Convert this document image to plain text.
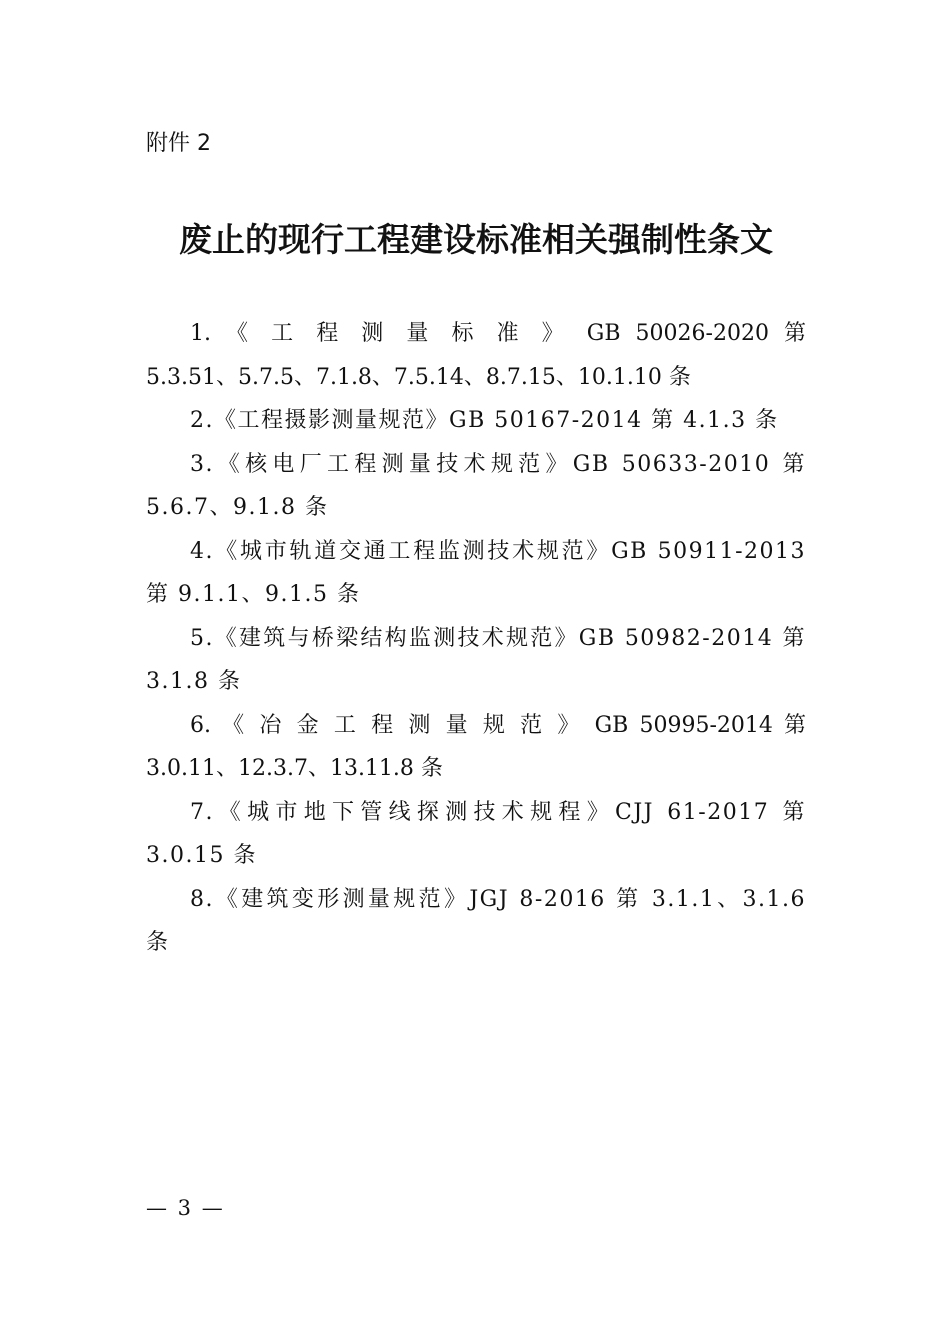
附件 2
废止的现行工程建设标准相关强制性条文

1. 《 工 程 测 量 标 准 》 GB 50026-2020 第
5.3.51、5.7.5、7.1.8、7.5.14、8.7.15、10.1.10 条

2.《工程摄影测量规范》GB 50167-2014 第 4.1.3 条

3.《核电厂工程测量技术规范》GB 50633-2010 第
5.6.7、9.1.8 条

4.《城市轨道交通工程监测技术规范》GB 50911-2013
第 9.1.1、9.1.5 条

5.《建筑与桥梁结构监测技术规范》GB 50982-2014 第
3.1.8 条

6. 《 冶 金 工 程 测 量 规 范 》 GB 50995-2014 第
3.0.11、12.3.7、13.11.8 条

7.《城市地下管线探测技术规程》CJJ 61-2017 第
3.0.15 条

8.《建筑变形测量规范》JGJ 8-2016 第 3.1.1、3.1.6
条

— 3 —
